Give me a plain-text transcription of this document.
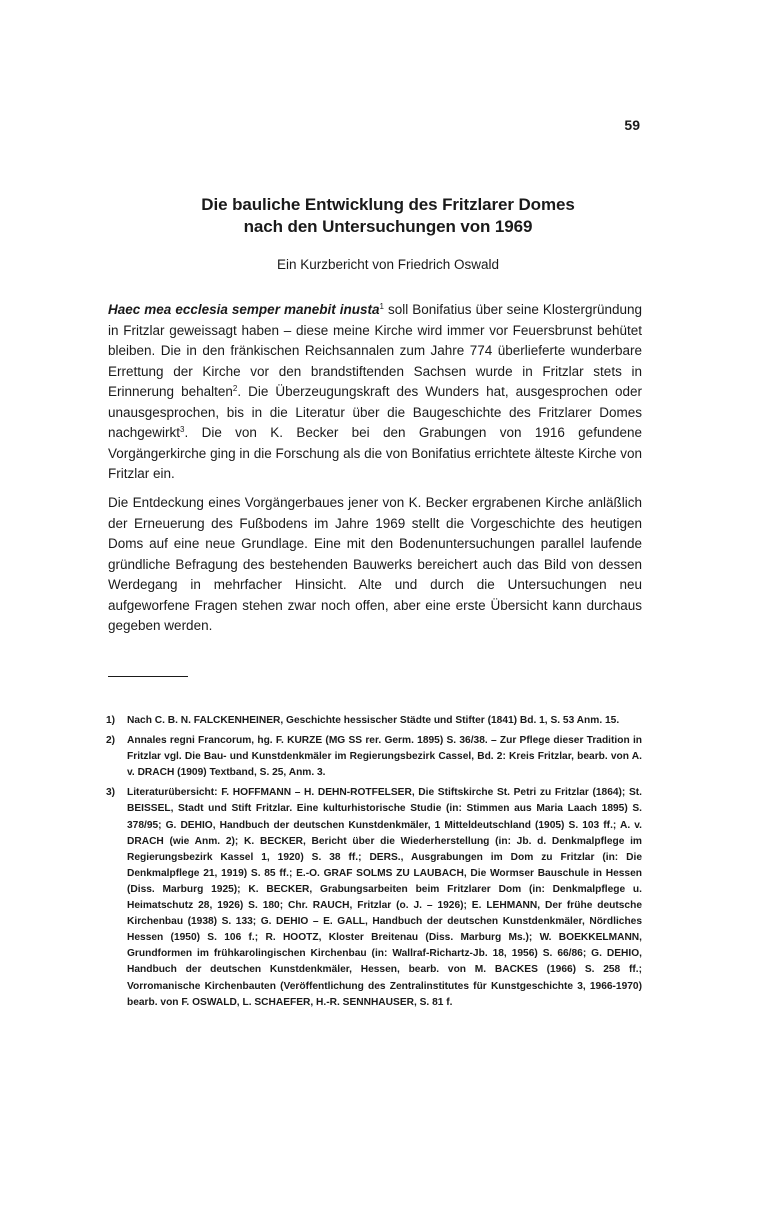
59
Die bauliche Entwicklung des Fritzlarer Domes
nach den Untersuchungen von 1969
Ein Kurzbericht von Friedrich Oswald

Haec mea ecclesia semper manebit inusta$^1$ soll Bonifatius über seine Klostergründung in Fritzlar geweissagt haben – diese meine Kirche wird immer vor Feuersbrunst behütet bleiben. Die in den fränkischen Reichsannalen zum Jahre 774 überlieferte wunderbare Errettung der Kirche vor den brandstiftenden Sachsen wurde in Fritzlar stets in Erinnerung behalten$^2$. Die Überzeugungskraft des Wunders hat, ausgesprochen oder unausgesprochen, bis in die Literatur über die Baugeschichte des Fritzlarer Domes nachgewirkt$^3$. Die von K. Becker bei den Grabungen von 1916 gefundene Vorgängerkirche ging in die Forschung als die von Bonifatius errichtete älteste Kirche von Fritzlar ein.

Die Entdeckung eines Vorgängerbaues jener von K. Becker ergrabenen Kirche anläßlich der Erneuerung des Fußbodens im Jahre 1969 stellt die Vorgeschichte des heutigen Doms auf eine neue Grundlage. Eine mit den Bodenuntersuchungen parallel laufende gründliche Befragung des bestehenden Bauwerks bereichert auch das Bild von dessen Werdegang in mehrfacher Hinsicht. Alte und durch die Untersuchungen neu aufgeworfene Fragen stehen zwar noch offen, aber eine erste Übersicht kann durchaus gegeben werden.

1)	Nach C. B. N. FALCKENHEINER, Geschichte hessischer Städte und Stifter (1841) Bd. 1, S. 53 Anm. 15.
2)	Annales regni Francorum, hg. F. KURZE (MG SS rer. Germ. 1895) S. 36/38. – Zur Pflege dieser Tradition in Fritzlar vgl. Die Bau- und Kunstdenkmäler im Regierungsbezirk Cassel, Bd. 2: Kreis Fritzlar, bearb. von A. v. DRACH (1909) Textband, S. 25, Anm. 3.
3)	Literaturübersicht: F. HOFFMANN – H. DEHN-ROTFELSER, Die Stiftskirche St. Petri zu Fritzlar (1864); St. BEISSEL, Stadt und Stift Fritzlar. Eine kulturhistorische Studie (in: Stimmen aus Maria Laach 1895) S. 378/95; G. DEHIO, Handbuch der deutschen Kunstdenkmäler, 1 Mitteldeutschland (1905) S. 103 ff.; A. v. DRACH (wie Anm. 2); K. BECKER, Bericht über die Wiederherstellung (in: Jb. d. Denkmalpflege im Regierungsbezirk Kassel 1, 1920) S. 38 ff.; DERS., Ausgrabungen im Dom zu Fritzlar (in: Die Denkmalpflege 21, 1919) S. 85 ff.; E.-O. GRAF SOLMS ZU LAUBACH, Die Wormser Bauschule in Hessen (Diss. Marburg 1925); K. BECKER, Grabungsarbeiten beim Fritzlarer Dom (in: Denkmalpflege u. Heimatschutz 28, 1926) S. 180; Chr. RAUCH, Fritzlar (o. J. – 1926); E. LEHMANN, Der frühe deutsche Kirchenbau (1938) S. 133; G. DEHIO – E. GALL, Handbuch der deutschen Kunstdenkmäler, Nördliches Hessen (1950) S. 106 f.; R. HOOTZ, Kloster Breitenau (Diss. Marburg Ms.); W. BOEKKELMANN, Grundformen im frühkarolingischen Kirchenbau (in: Wallraf-Richartz-Jb. 18, 1956) S. 66/86; G. DEHIO, Handbuch der deutschen Kunstdenkmäler, Hessen, bearb. von M. BACKES (1966) S. 258 ff.; Vorromanische Kirchenbauten (Veröffentlichung des Zentralinstitutes für Kunstgeschichte 3, 1966-1970) bearb. von F. OSWALD, L. SCHAEFER, H.-R. SENNHAUSER, S. 81 f.
